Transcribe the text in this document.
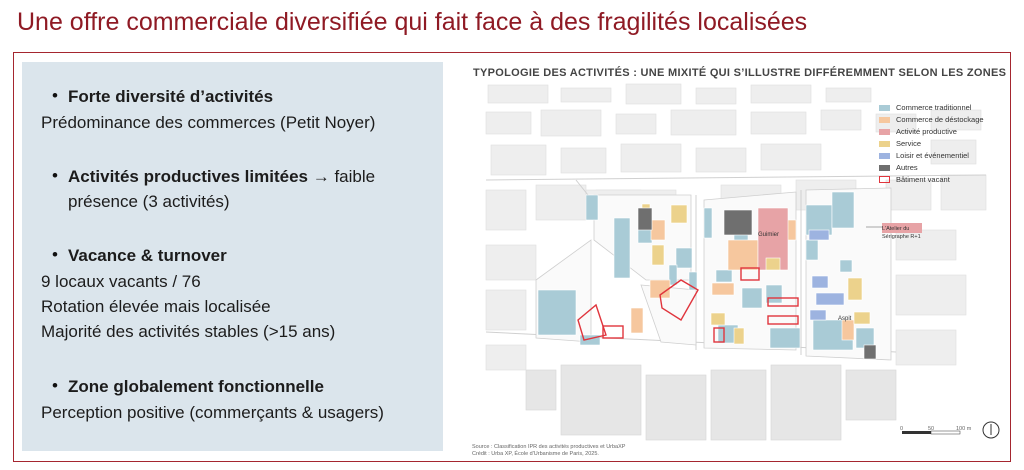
Une offre commerciale diversifiée qui fait face à des fragilités localisées
• Forte diversité d’activités
Prédominance des commerces (Petit Noyer)
• Activités productives limitées → faible
présence (3 activités)
• Vacance & turnover
9 locaux vacants / 76
Rotation élevée mais localisée
Majorité des activités stables (>15 ans)
• Zone globalement fonctionnelle
Perception positive (commerçants & usagers)
TYPOLOGIE DES ACTIVITÉS : UNE MIXITÉ QUI S’ILLUSTRE DIFFÉREMMENT SELON LES ZONES
Guimier
L'Atelier du
Sérigraphe R+1
Aspit
Commerce traditionnel
Commerce de déstockage
Activité productive
Service
Loisir et événementiel
Autres
Bâtiment vacant
0	50	100 m
Source : Classification IPR des activités productives et UrbaXP
Crédit : Urba XP, École d'Urbanisme de Paris, 2025.
